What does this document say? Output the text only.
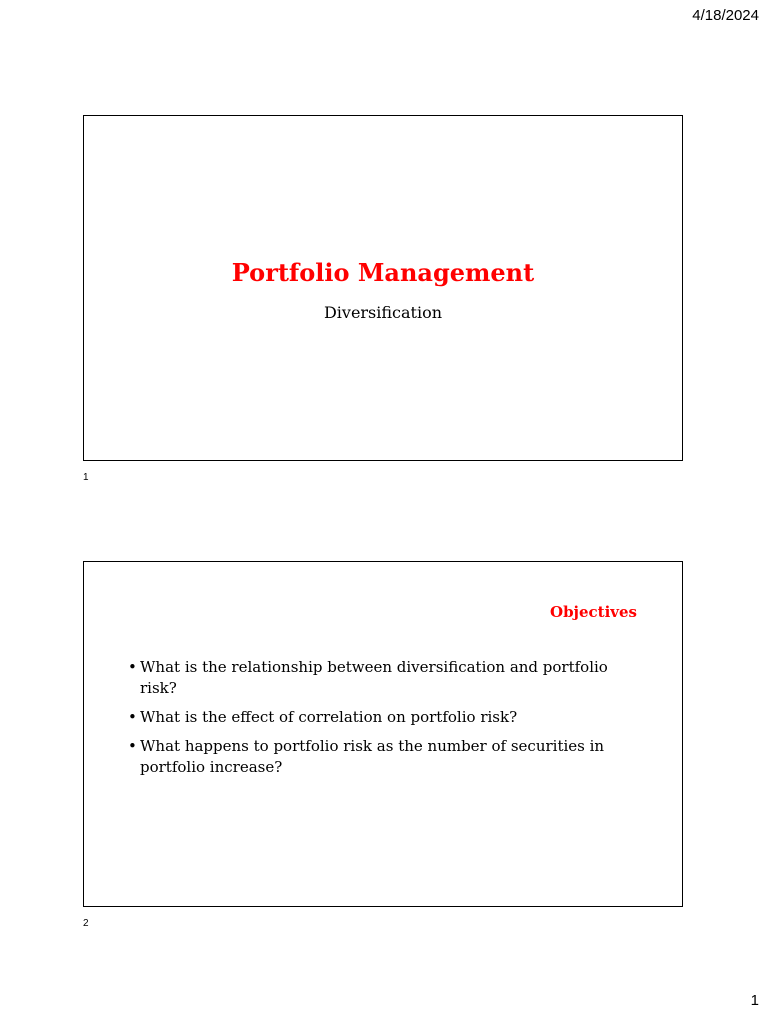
4/18/2024
Portfolio Management
Diversification
1
Objectives
• What is the relationship between diversification and portfolio risk?
• What is the effect of correlation on portfolio risk?
• What happens to portfolio risk as the number of securities in portfolio increase?
2
1
